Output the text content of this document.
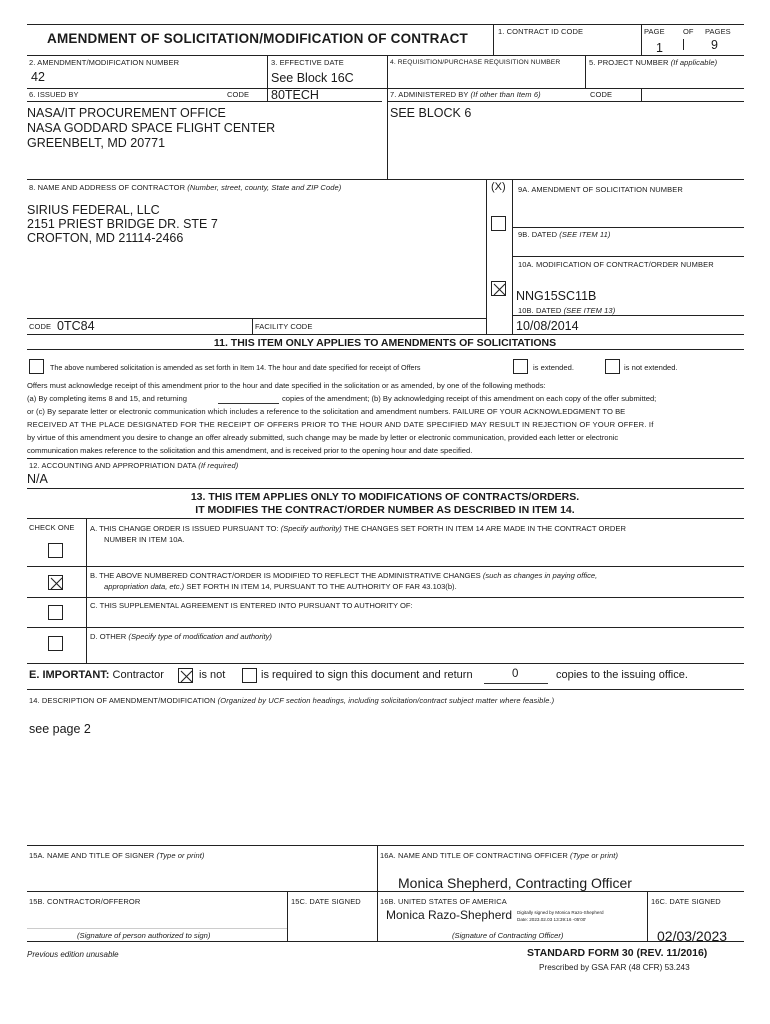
AMENDMENT OF SOLICITATION/MODIFICATION OF CONTRACT	1. CONTRACT ID CODE	PAGE OF PAGES
1	9
2. AMENDMENT/MODIFICATION NUMBER
42
3. EFFECTIVE DATE
See Block 16C
4. REQUISITION/PURCHASE REQUISITION NUMBER	5. PROJECT NUMBER (If applicable)
6. ISSUED BY	CODE 80TECH	7. ADMINISTERED BY (If other than Item 6)	CODE
NASA/IT PROCUREMENT OFFICE
NASA GODDARD SPACE FLIGHT CENTER
GREENBELT, MD 20771
SEE BLOCK 6
8. NAME AND ADDRESS OF CONTRACTOR (Number, street, county, State and ZIP Code)
SIRIUS FEDERAL, LLC
2151 PRIEST BRIDGE DR. STE 7
CROFTON, MD 21114-2466
(X) 9A. AMENDMENT OF SOLICITATION NUMBER
9B. DATED (SEE ITEM 11)
10A. MODIFICATION OF CONTRACT/ORDER NUMBER
NNG15SC11B
10B. DATED (SEE ITEM 13)
10/08/2014
CODE 0TC84	FACILITY CODE
11. THIS ITEM ONLY APPLIES TO AMENDMENTS OF SOLICITATIONS
The above numbered solicitation is amended as set forth in Item 14. The hour and date specified for receipt of Offers	is extended.	is not extended.
Offers must acknowledge receipt of this amendment prior to the hour and date specified in the solicitation or as amended, by one of the following methods:
(a) By completing items 8 and 15, and returning	copies of the amendment; (b) By acknowledging receipt of this amendment on each copy of the offer submitted;
or (c) By separate letter or electronic communication which includes a reference to the solicitation and amendment numbers. FAILURE OF YOUR ACKNOWLEDGMENT TO BE
RECEIVED AT THE PLACE DESIGNATED FOR THE RECEIPT OF OFFERS PRIOR TO THE HOUR AND DATE SPECIFIED MAY RESULT IN REJECTION OF YOUR OFFER. If
by virtue of this amendment you desire to change an offer already submitted, such change may be made by letter or electronic communication, provided each letter or electronic
communication makes reference to the solicitation and this amendment, and is received prior to the opening hour and date specified.
12. ACCOUNTING AND APPROPRIATION DATA (If required)
N/A
13. THIS ITEM APPLIES ONLY TO MODIFICATIONS OF CONTRACTS/ORDERS.
IT MODIFIES THE CONTRACT/ORDER NUMBER AS DESCRIBED IN ITEM 14.
CHECK ONE A. THIS CHANGE ORDER IS ISSUED PURSUANT TO: (Specify authority) THE CHANGES SET FORTH IN ITEM 14 ARE MADE IN THE CONTRACT ORDER
NUMBER IN ITEM 10A.
B. THE ABOVE NUMBERED CONTRACT/ORDER IS MODIFIED TO REFLECT THE ADMINISTRATIVE CHANGES (such as changes in paying office,
appropriation data, etc.) SET FORTH IN ITEM 14, PURSUANT TO THE AUTHORITY OF FAR 43.103(b).
C. THIS SUPPLEMENTAL AGREEMENT IS ENTERED INTO PURSUANT TO AUTHORITY OF:
D. OTHER (Specify type of modification and authority)
E. IMPORTANT: Contractor	is not	is required to sign this document and return	0	copies to the issuing office.
14. DESCRIPTION OF AMENDMENT/MODIFICATION (Organized by UCF section headings, including solicitation/contract subject matter where feasible.)
see page 2
15A. NAME AND TITLE OF SIGNER (Type or print)	16A. NAME AND TITLE OF CONTRACTING OFFICER (Type or print)
Monica Shepherd, Contracting Officer
15B. CONTRACTOR/OFFEROR	15C. DATE SIGNED	16B. UNITED STATES OF AMERICA	16C. DATE SIGNED
Monica Razo-Shepherd Digitally signed by Monica Razo-Shepherd
Date: 2023.02.03 13:39:16 -05'00'
(Signature of person authorized to sign)	(Signature of Contracting Officer)	02/03/2023
Previous edition unusable	STANDARD FORM 30 (REV. 11/2016)
Prescribed by GSA FAR (48 CFR) 53.243
